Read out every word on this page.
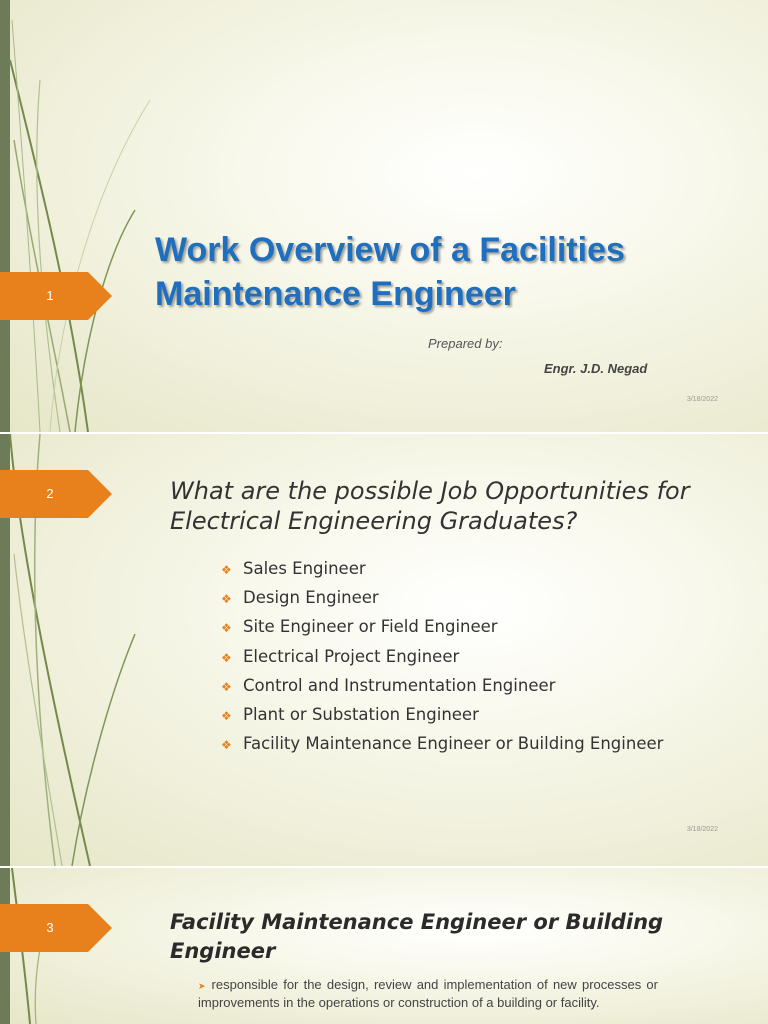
1
Work Overview of a Facilities Maintenance Engineer
Prepared by:
Engr. J.D. Negad
3/18/2022
2	What are the possible Job Opportunities for Electrical Engineering Graduates?
❖ Sales Engineer
❖ Design Engineer
❖ Site Engineer or Field Engineer
❖ Electrical Project Engineer
❖ Control and Instrumentation Engineer
❖ Plant or Substation Engineer
❖ Facility Maintenance Engineer or Building Engineer
3/18/2022
3	Facility Maintenance Engineer or Building Engineer
➤ responsible for the design, review and implementation of new processes or improvements in the operations or construction of a building or facility.
